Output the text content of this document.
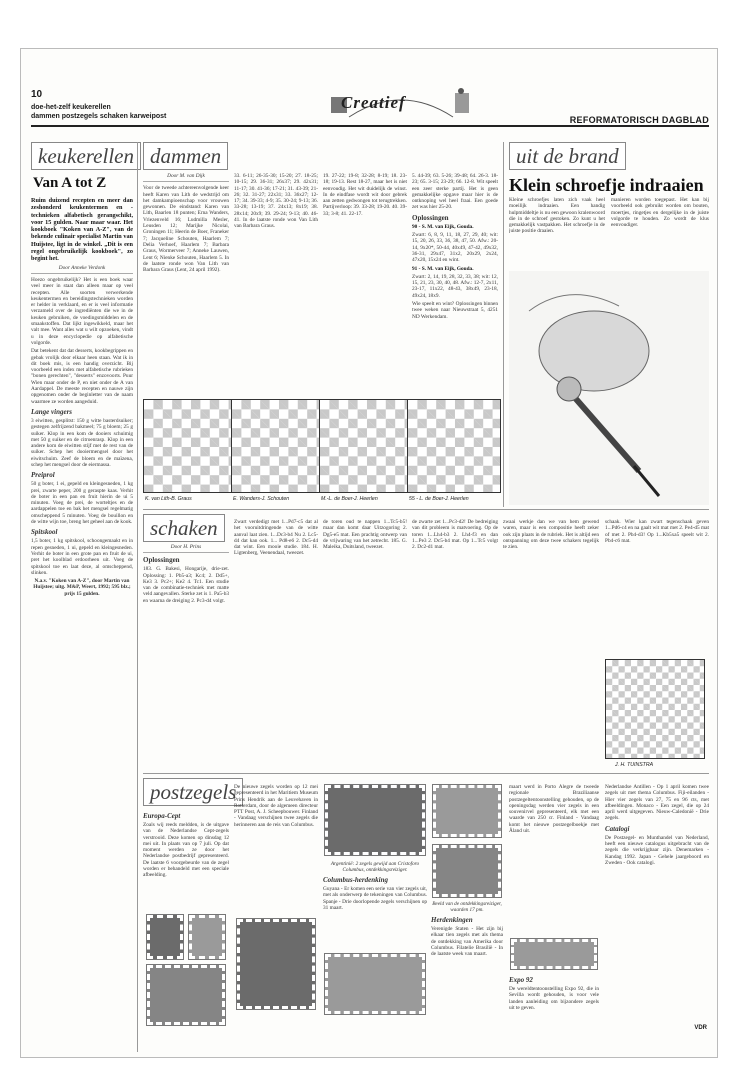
10
doe-het-zelf keukerellen
dammen postzegels schaken karweipost
Creatief
REFORMATORISCH DAGBLAD
keukerellen
Van A tot Z

Ruim duizend recepten en meer dan zeshonderd keukentermen en -technieken alfabetisch gerangschikt, voor 15 gulden. Naar maar waar. Het kookboek "Koken van A-Z", van de bekende culinair specialist Martin van Huijstee, ligt in de winkel. „Dit is een regel ongebruikelijk kookboek", zo begint het.

Door Anneke Verdonk

Hoezo ongebruikelijk? Het is een boek waar veel meer in staat dan alleen maar op veel recepten. Alle soorten verwerkende keukentermen en bereidingstechnieken worden er helder in verklaard, en er is veel informatie verzameld over de ingrediënten die we in de keuken gebruiken, de voedingsmiddelen en de smaakstoffen. Dat lijkt ingewikkeld, maar het valt mee. Want alles wat u wilt opzoeken, vindt u in deze encyclopedie op alfabetische volgorde.

Dat betekent dat dat desserts, kookbegrippen en gebak vrolijk door elkaar heen staan. Wat ik in dit boek mis, is een handig overzicht. Bij voorbeeld een index met alfabetische rubrieken "bonen gerechten", "desserts" enzovoorts. Puur Wien maar onder de P, en niet onder de A van Aardappel. De meeste recepten en nauwe zijn opgenomen onder de beginletter van de naam waarmee ze worden aangeduid.

Lange vingers

3 eiwitten, gesplitst: 150 g witte basterdsuiker; gestegen zelfrijzend bakmeel; 75 g bloem; 25 g suiker. Klop in een kom de dooiers schuimig met 50 g suiker en de citroenrasp. Klop in een andere kom de eiwitten stijf met de rest van de suiker. Schep het dooiermengsel door het eiwitschuim. Zeef de bloem en de maïzena, schep het mengsel door de eiermassa.

Preiprol

50 g boter, 1 ei, gepeld en kleingesneden, 1 kg prei, zwarte peper, 200 g geraspte kaas. Verhit de boter in een pan en fruit hierin de ui 5 minuten. Voeg de prei, de worteltjes en de aardappelen toe en bak het mengsel regelmatig omscheppend 5 minuten. Voeg de bouillon en de witte wijn toe, breng het geheel aan de kook.

Spitskool

1,5 boter, 1 kg spitskool, schoongemaakt en in repen gesneden, 1 ui, gepeld en kleingesneden. Verhit de boter in een grote pan en fruit de ui, pret het koolblad erdoorheen uit. Voeg de spitskool toe en laat deze, al omscheppend, slinken.

N.a.v. "Koken van A-Z", door Martin van Huijstee; uitg. M&P, Weert, 1992; 595 blz.; prijs 15 gulden.

dammen

Door M. van Dijk

Voor de tweede achtereenvolgende keer heeft Karen van Lith de wedstrijd om het damkampioenschap voor vrouwen gewonnen. De eindstand: Karen van Lith, Baarlen 18 punten; Erna Wanders, Vriezenveld 16; Ludmilla Mesler, Leusden 12; Marijke Nicolai, Groningen 11; Heerin de Boer, Franeker 7; Jacqueline Schouten, Haarlem 7; Delia Verhoef, Haarlem 7; Barbara Graus, Wormerveer 7; Anneke Lauwen, Lent 6; Nienke Schouten, Haarlem 5. In de laatste ronde won Van Lith van Barbara Graus (Lent, 24 april 1992).

33. 6-11; 26-35-30; 15-20; 27. 18-25; 10-15; 29. 36-31; 26x37; 29. 42x31; 11-17; 30. 41-36; 17-21; 31. 43-39; 21-26; 32. 31-27; 22x31; 33. 36x27; 12-17; 34. 39-33; 4-9; 35. 30-24; 9-13; 36. 33-28; 13-19; 37. 24x13; 8x19; 38. 28x14; 20x9; 39. 29-24; 9-13; 40. 46-41. In de laatste ronde won Van Lith van Barbara Graus.

19. 27-22; 19-8; 32-28; 8-19; 18. 23-18; 19-13. Rest 18-27, maar het is niet eenvoudig. Het wit duidelijk de winst. In de eindfase wordt wit door gebrek aan zetten gedwongen tot terugtrekken. Partijverloop: 39. 33-28; 19-20. 40. 39-33; 3-8; 41. 22-17.

5. 44-39; 63. 5-26; 39-48; 64. 26-3. 18-23; 65. 3-15; 23-29; 66. 12-8. Wit speelt een zeer sterke partij. Het is geen gemakkelijke opgave maar hier is de ontknoping wel heel fraai. Een goede zet was hier 25-20.

Oplossingen

90 - S. M. van Eijk, Gouda.

Zwart: 6, 8, 9, 11, 18, 27, 29, 40; wit: 15, 20, 26, 33, 36, 38, 47, 50. Afw.: 20-14, 9x20*, 50-44, 40x49, 47-42, 49x32, 36-31, 29x47, 31x2, 20x29, 2x24, 47x20, 15x24 en wint.

91 - S. M. van Eijk, Gouda.

Zwart: 2, 14, 19, 28, 32, 33, 38; wit: 12, 15, 21, 23, 30, 40, 48. Afw.: 12-7, 2x11, 23-17, 11x22, 48-43, 38x49, 23-18, 49x24, 18x9.

Wie speelt en wint? Oplossingen binnen twee weken naar Nieuwstraat 5, 4251 ND Werkendam.

K. van Lith-B. Graus	E. Wanders-J. Schouten	M.-L. de Boer-J. Heerlen	55 - L. de Boer-J. Heerlen
uit de brand
Klein schroefje indraaien

Kleine schroefjes laten zich vaak heel moeilijk indraaien. Een handig hulpmiddeltje is nu een gewoon kralenwoord die in de schroef gestoken. Zo kunt u het gemakkelijk vastpakken. Het schroefje in de juiste positie draaien.

manieren worden toegepast. Het kan bij voorbeeld ook gebruikt worden om bouten, moertjes, ringetjes en dergelijke in de juiste volgorde te houden. Zo wordt de klus eenvoudiger.

schaken

Door H. Prins

Oplossingen

183. G. Bakesi, Hongarije, drie-zet. Oplossing: 1. Pb5-a3; Kc4; 2. Dd5+, Ke3 3. Pc2+; Ke2 4. Tc1. Een studie van de combinatie-techniek met matte veld aangevallen. Sterke zet is 1. Pa5-b3 en waarna de dreiging 2. Pc3-d4 volgt.

Zwart verdedigt met 1...Pd7-c5 dat al het vooruitdringende van de witte aanval laat zien. 1...Dc3-b4 Nu 2. Lc5-d4 dat kan ook. 1... Pd8-e6 2. Dc5-d4 dat wint. Een mooie studie. 184. H. Ligtenberg, Veenendaal, tweezet.

de toren oud te nappen 1...Tc5-b5! maar dan komt daar Uitzogoring 2. Dg5-e5 mat. Een prachtig ontwerp van de vrijwaring van het zetrecht. 185. G. Maleika, Duitsland, tweezet.

de zwarte zet 1...Pc3-d2! De bedreiging van dit probleem is matvoering. Op de toren 1...Lh4-b3 2. Lh4-f3 en dan 1...Pe3 2. Dc5-b4 mat. Op 1...Tc5 volgt 2. Dc2-d1 mat.

zwaai werkje dan we van hem gewend waren, maar is een compositie heeft zeker ook zijn plaats in de rubriek. Het is altijd een ontspanning om deze twee schakers tegelijk te zien.

schaak. Wier kan zwart tegenschaak geven 1...Pd6-c4 en na gaalt wit mat met 2. Pe4-d5 mat of met 2. Pb4-d3! Op 1...Kb5xa5 speelt wit 2. Pb4-c6 mat.

J. H. TUINSTRA
postzegels
Europa-Cept

Zoals wij reeds meldden, is de uitgave van de Nederlandse Cept-zegels verstrooid. Deze komen op dinsdag 12 mei uit. In plaats van op 7 juli. Op dat moment werden ze door het Nederlandse postbedrijf gepresenteerd. De laatste 6 voorgebeurde van de zegel worden er behandeld met een speciale afbeelding.

De nieuwe zegels worden op 12 mei gepresenteerd in het Maritiem Museum Prins Hendrik aan de Leuvehaven in Rotterdam, door de algemeen directeur PTT Post, A. J. Scheepbouwer. Finland - Vandaag verschijnen twee zegels die herinneren aan de reis van Columbus.

Argentinië: 2 zegels gewijd aan Cristoforo Columbus, ontdekkingsreiziger.

Columbus-herdenking

Guyana - Er komen een serie van vier zegels uit, met als onderwerp de tekeningen van Columbus. Spanje - Drie doorlopende zegels verschijnen op 31 maart.

Beeld van de ontdekkingsreiziger, waarden 17 pm.

Herdenkingen

Verenigde Staten - Het zijn bij elkaar tien zegels met als thema de ontdekking van Amerika door Columbus. Filatelie Brasilië - In de laatste week van maart.

maart werd in Porto Alegre de tweede regionale Braziliaanse postzegeltentoonstelling gehouden, op de openingsdag werden vier zegels in een souvenirvel gepresenteerd, elk met een waarde van 250 cr. Finland - Vandaag komt het nieuwe postzegelboekje met Åland uit.

Expo 92

De wereldtentoonstelling Expo 92, die in Sevilla wordt gehouden, is voor vele landen aanleiding om bijzondere zegels uit te geven.

Nederlandse Antillen - Op 1 april komen twee zegels uit met thema Columbus. Fiji-eilanden - Hier vier zegels van 27, 75 en 96 cts, met afbeeldingen. Monaco - Een zegel, die op 24 april werd uitgegeven. Nieuw-Caledonië - Drie zegels.

Catalogi

De Postzegel- en Munthandel van Nederland, heeft een nieuwe catalogus uitgebracht van de zegels die verkrijgbaar zijn. Denemarken - Kandag 1992. Japan - Gehele jaargeboord en Zweden - Ook catalogi.

VDR
